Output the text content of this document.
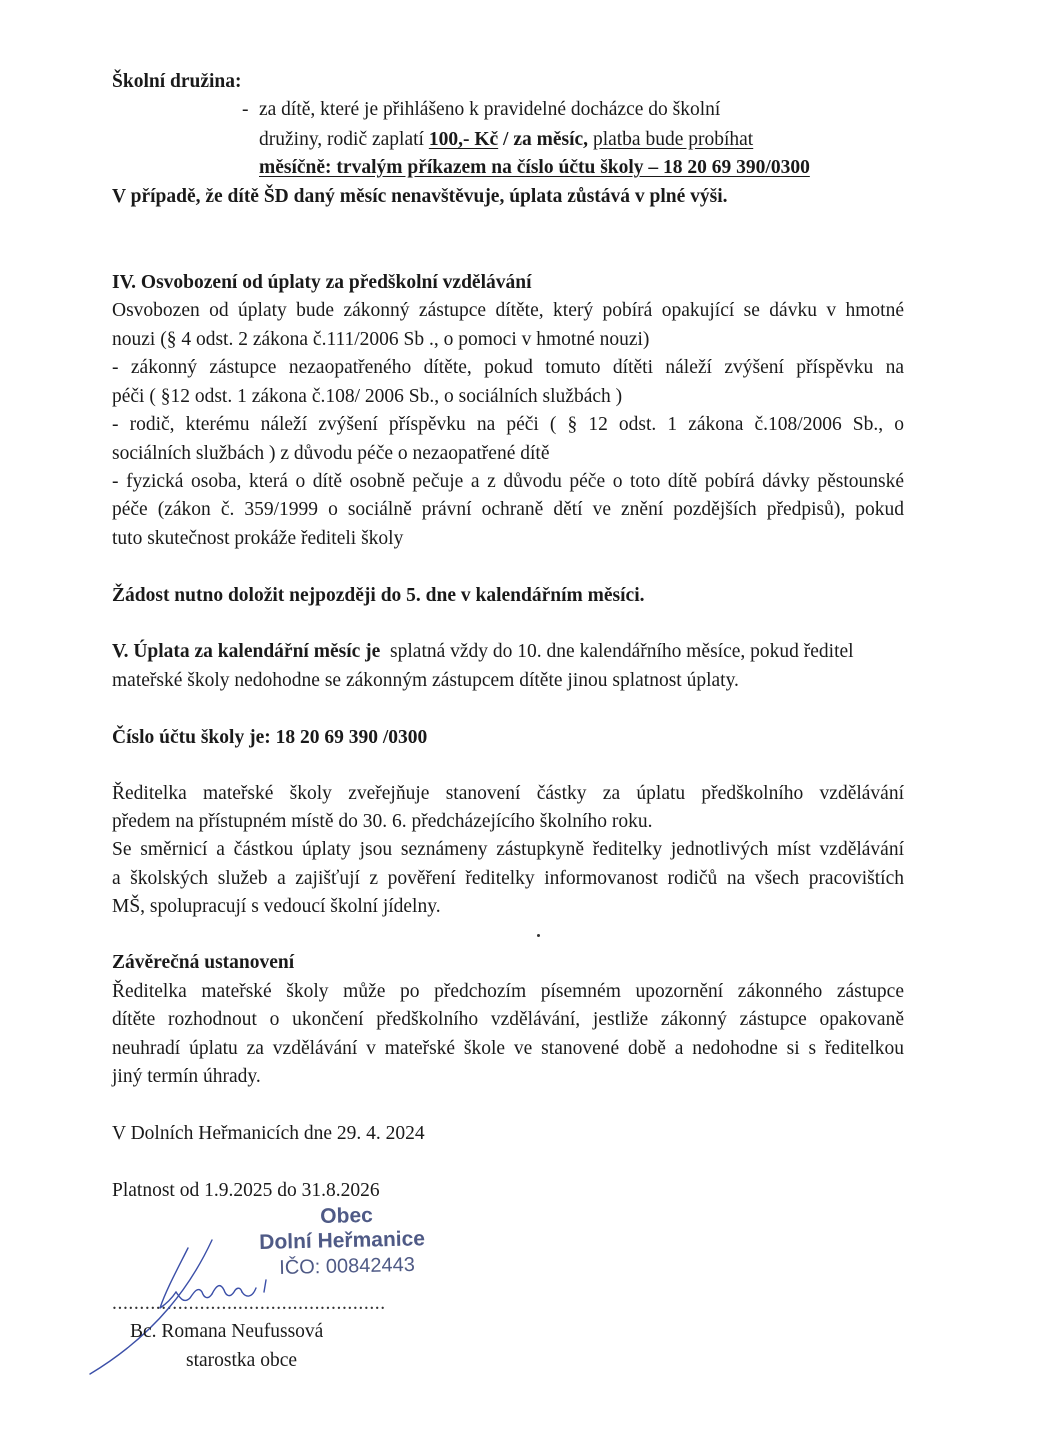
Školní družina:
- za dítě, které je přihlášeno k pravidelné docházce do školní
družiny, rodič zaplatí 100,- Kč / za měsíc, platba bude probíhat
měsíčně: trvalým příkazem na číslo účtu školy – 18 20 69 390/0300
V případě, že dítě ŠD daný měsíc nenavštěvuje, úplata zůstává v plné výši.
IV. Osvobození od úplaty za předškolní vzdělávání
Osvobozen od úplaty bude zákonný zástupce dítěte, který pobírá opakující se dávku v hmotné
nouzi (§ 4 odst. 2 zákona č.111/2006 Sb ., o pomoci v hmotné nouzi)
- zákonný zástupce nezaopatřeného dítěte, pokud tomuto dítěti náleží zvýšení příspěvku na
péči ( §12 odst. 1 zákona č.108/ 2006 Sb., o sociálních službách )
- rodič, kterému náleží zvýšení příspěvku na péči ( § 12 odst. 1 zákona č.108/2006 Sb., o
sociálních službách ) z důvodu péče o nezaopatřené dítě
- fyzická osoba, která o dítě osobně pečuje a z důvodu péče o toto dítě pobírá dávky pěstounské
péče (zákon č. 359/1999 o sociálně právní ochraně dětí ve znění pozdějších předpisů), pokud
tuto skutečnost prokáže řediteli školy
Žádost nutno doložit nejpozději do 5. dne v kalendářním měsíci.
V. Úplata za kalendářní měsíc je splatná vždy do 10. dne kalendářního měsíce, pokud ředitel
mateřské školy nedohodne se zákonným zástupcem dítěte jinou splatnost úplaty.
Číslo účtu školy je: 18 20 69 390 /0300
Ředitelka mateřské školy zveřejňuje stanovení částky za úplatu předškolního vzdělávání
předem na přístupném místě do 30. 6. předcházejícího školního roku.
Se směrnicí a částkou úplaty jsou seznámeny zástupkyně ředitelky jednotlivých míst vzdělávání
a školských služeb a zajišťují z pověření ředitelky informovanost rodičů na všech pracovištích
MŠ, spolupracují s vedoucí školní jídelny.
Závěrečná ustanovení
Ředitelka mateřské školy může po předchozím písemném upozornění zákonného zástupce
dítěte rozhodnout o ukončení předškolního vzdělávání, jestliže zákonný zástupce opakovaně
neuhradí úplatu za vzdělávání v mateřské škole ve stanovené době a nedohodne si s ředitelkou
jiný termín úhrady.
V Dolních Heřmanicích dne 29. 4. 2024
Platnost od 1.9.2025 do 31.8.2026
Obec
Dolní Heřmanice
IČO: 00842443
..................................................
Bc. Romana Neufussová
starostka obce
